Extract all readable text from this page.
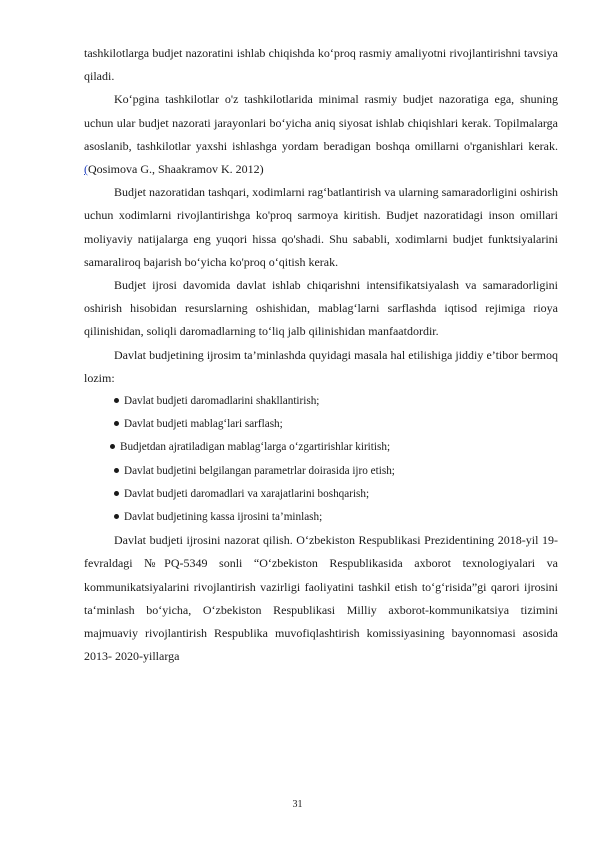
tashkilotlarga budjet nazoratini ishlab chiqishda ko‘proq rasmiy amaliyotni rivojlantirishni tavsiya qiladi.

Ko‘pgina tashkilotlar o'z tashkilotlarida minimal rasmiy budjet nazoratiga ega, shuning uchun ular budjet nazorati jarayonlari bo‘yicha aniq siyosat ishlab chiqishlari kerak. Topilmalarga asoslanib, tashkilotlar yaxshi ishlashga yordam beradigan boshqa omillarni o'rganishlari kerak. (Qosimova G., Shaakramov K. 2012)

Budjet nazoratidan tashqari, xodimlarni rag‘batlantirish va ularning samaradorligini oshirish uchun xodimlarni rivojlantirishga ko'proq sarmoya kiritish. Budjet nazoratidagi inson omillari moliyaviy natijalarga eng yuqori hissa qo'shadi. Shu sababli, xodimlarni budjet funktsiyalarini samaraliroq bajarish bo‘yicha ko'proq o‘qitish kerak.

Budjet ijrosi davomida davlat ishlab chiqarishni intensifikatsiyalash va samaradorligini oshirish hisobidan resurslarning oshishidan, mablag‘larni sarflashda iqtisod rejimiga rioya qilinishidan, soliqli daromadlarning to‘liq jalb qilinishidan manfaatdordir.

Davlat budjetining ijrosim ta’minlashda quyidagi masala hal etilishiga jiddiy e’tibor bermoq lozim:

Davlat budjeti daromadlarini shakllantirish;
Davlat budjeti mablag‘lari sarflash;
Budjetdan ajratiladigan mablag‘larga o‘zgartirishlar kiritish;
Davlat budjetini belgilangan parametrlar doirasida ijro etish;
Davlat budjeti daromadlari va xarajatlarini boshqarish;
Davlat budjetining kassa ijrosini ta’minlash;

Davlat budjeti ijrosini nazorat qilish. O‘zbekiston Respublikasi Prezidentining 2018-yil 19-fevraldagi №PQ-5349 sonli “O‘zbekiston Respublikasida axborot texnologiyalari va kommunikatsiyalarini rivojlantirish vazirligi faoliyatini tashkil etish to‘g‘risida”gi qarori ijrosini ta‘minlash bo‘yicha, O‘zbekiston Respublikasi Milliy axborot-kommunikatsiya tizimini majmuaviy rivojlantirish Respublika muvofiqlashtirish komissiyasining bayonnomasi asosida 2013- 2020-yillarga

31
